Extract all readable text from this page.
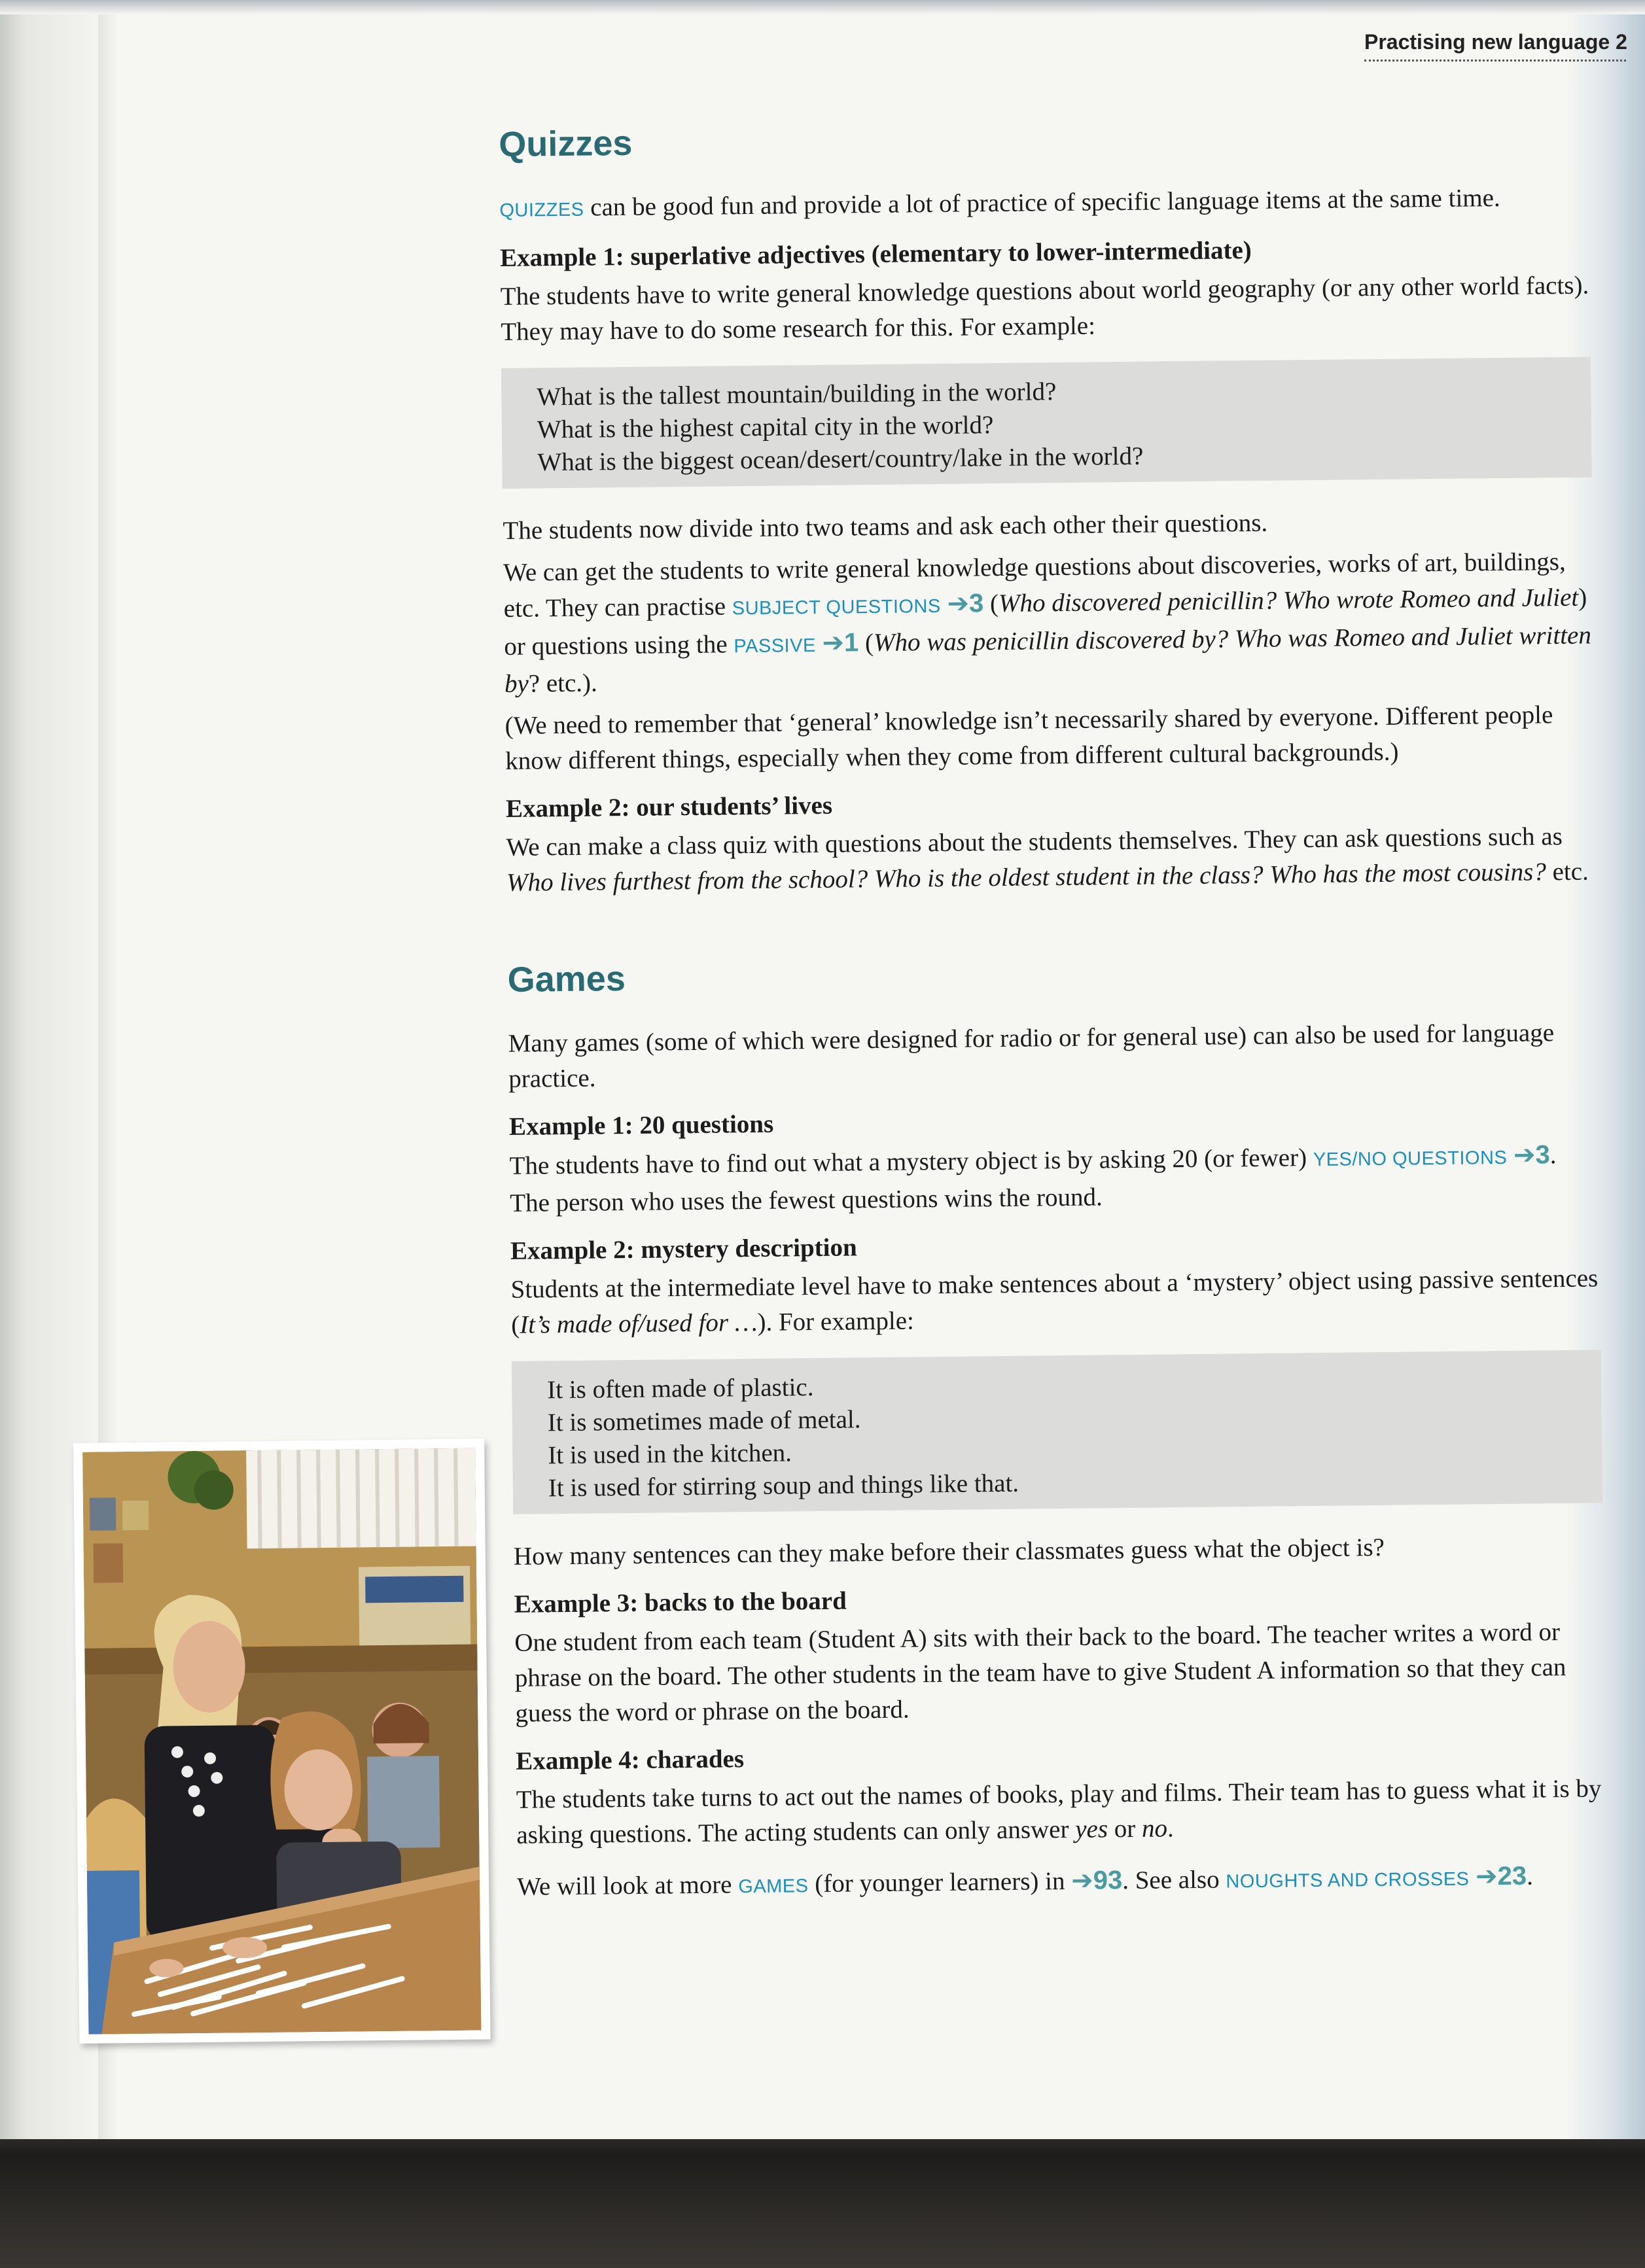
Practising new language 2
Quizzes

QUIZZES can be good fun and provide a lot of practice of specific language items at the same time.

Example 1: superlative adjectives (elementary to lower-intermediate)

The students have to write general knowledge questions about world geography (or any other world facts). They may have to do some research for this. For example:

What is the tallest mountain/building in the world?
What is the highest capital city in the world?
What is the biggest ocean/desert/country/lake in the world?

The students now divide into two teams and ask each other their questions.

We can get the students to write general knowledge questions about discoveries, works of art, buildings, etc. They can practise SUBJECT QUESTIONS ➔3 (Who discovered penicillin? Who wrote Romeo and Juliet) or questions using the PASSIVE ➔1 (Who was penicillin discovered by? Who was Romeo and Juliet written by? etc.).

(We need to remember that ‘general’ knowledge isn’t necessarily shared by everyone. Different people know different things, especially when they come from different cultural backgrounds.)

Example 2: our students’ lives

We can make a class quiz with questions about the students themselves. They can ask questions such as Who lives furthest from the school? Who is the oldest student in the class? Who has the most cousins? etc.

Games

Many games (some of which were designed for radio or for general use) can also be used for language practice.

Example 1: 20 questions

The students have to find out what a mystery object is by asking 20 (or fewer) YES/NO QUESTIONS ➔3. The person who uses the fewest questions wins the round.

Example 2: mystery description

Students at the intermediate level have to make sentences about a ‘mystery’ object using passive sentences (It’s made of/used for …). For example:

It is often made of plastic.
It is sometimes made of metal.
It is used in the kitchen.
It is used for stirring soup and things like that.

How many sentences can they make before their classmates guess what the object is?

Example 3: backs to the board

One student from each team (Student A) sits with their back to the board. The teacher writes a word or phrase on the board. The other students in the team have to give Student A information so that they can guess the word or phrase on the board.

Example 4: charades

The students take turns to act out the names of books, play and films. Their team has to guess what it is by asking questions. The acting students can only answer yes or no.

We will look at more GAMES (for younger learners) in ➔93. See also NOUGHTS AND CROSSES ➔23.
